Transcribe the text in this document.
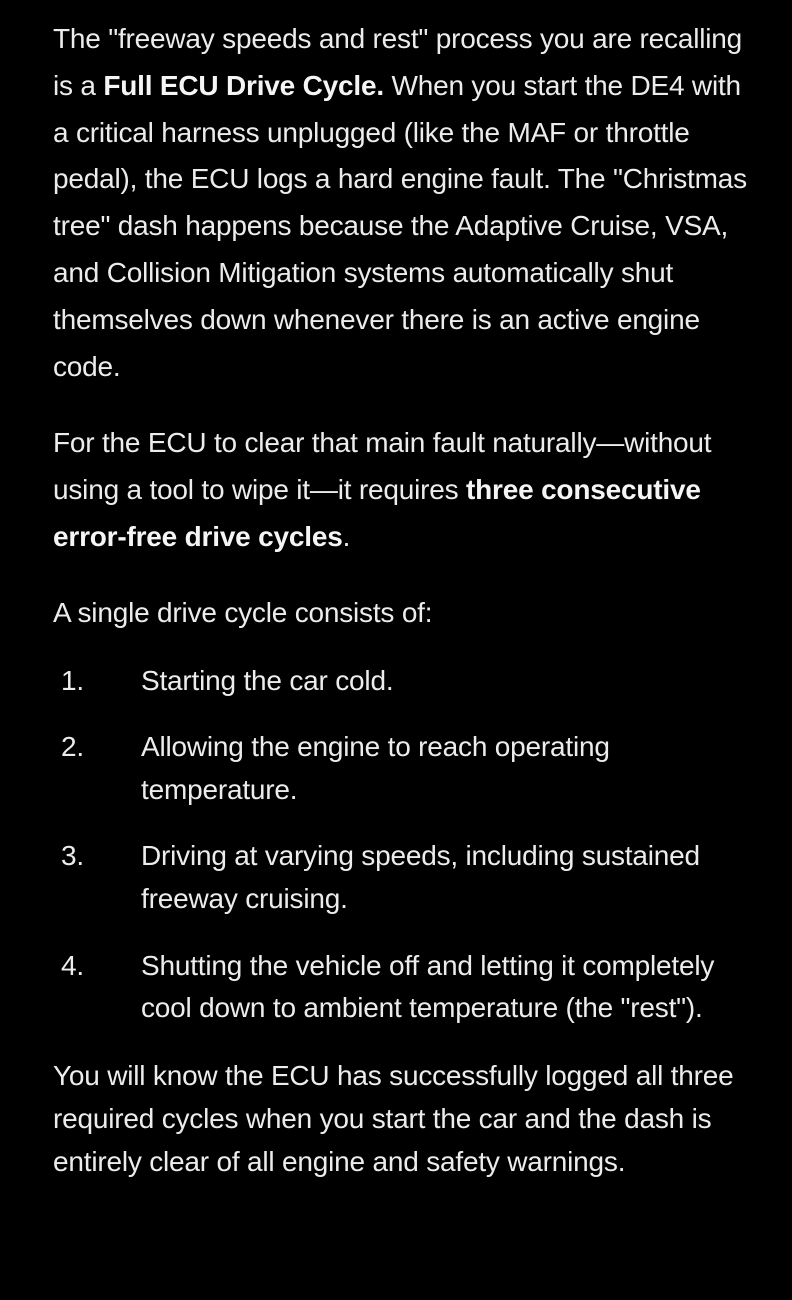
The "freeway speeds and rest" process you are recalling is a Full ECU Drive Cycle. When you start the DE4 with a critical harness unplugged (like the MAF or throttle pedal), the ECU logs a hard engine fault. The "Christmas tree" dash happens because the Adaptive Cruise, VSA, and Collision Mitigation systems automatically shut themselves down whenever there is an active engine code.

For the ECU to clear that main fault naturally—without using a tool to wipe it—it requires three consecutive error-free drive cycles.

A single drive cycle consists of:

1.	Starting the car cold.
2.	Allowing the engine to reach operating temperature.
3.	Driving at varying speeds, including sustained freeway cruising.
4.	Shutting the vehicle off and letting it completely cool down to ambient temperature (the "rest").

You will know the ECU has successfully logged all three required cycles when you start the car and the dash is entirely clear of all engine and safety warnings.
